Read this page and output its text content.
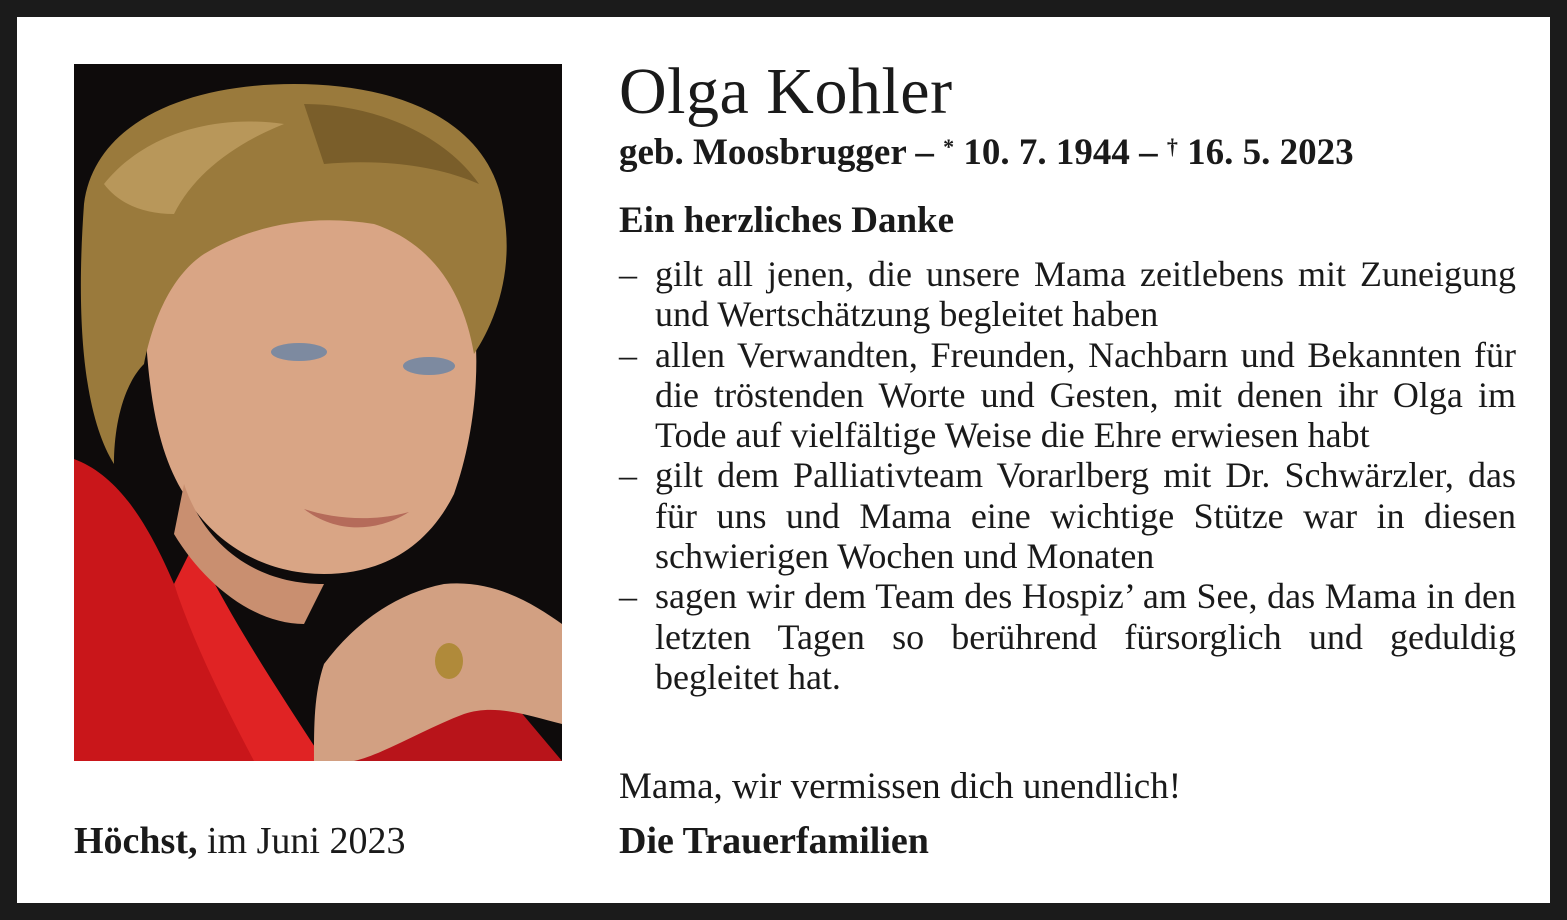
Höchst, im Juni 2023
Olga Kohler
geb. Moosbrugger – * 10. 7. 1944 – † 16. 5. 2023
Ein herzliches Danke
– gilt all jenen, die unsere Mama zeitlebens mit Zuneigung und Wertschätzung begleitet haben
– allen Verwandten, Freunden, Nachbarn und Bekannten für die tröstenden Worte und Gesten, mit denen ihr Olga im Tode auf vielfältige Weise die Ehre erwiesen habt
– gilt dem Palliativteam Vorarlberg mit Dr. Schwärzler, das für uns und Mama eine wichtige Stütze war in diesen schwierigen Wochen und Monaten
– sagen wir dem Team des Hospiz’ am See, das Mama in den letzten Tagen so berührend fürsorglich und geduldig begleitet hat.
Mama, wir vermissen dich unendlich!
Die Trauerfamilien
